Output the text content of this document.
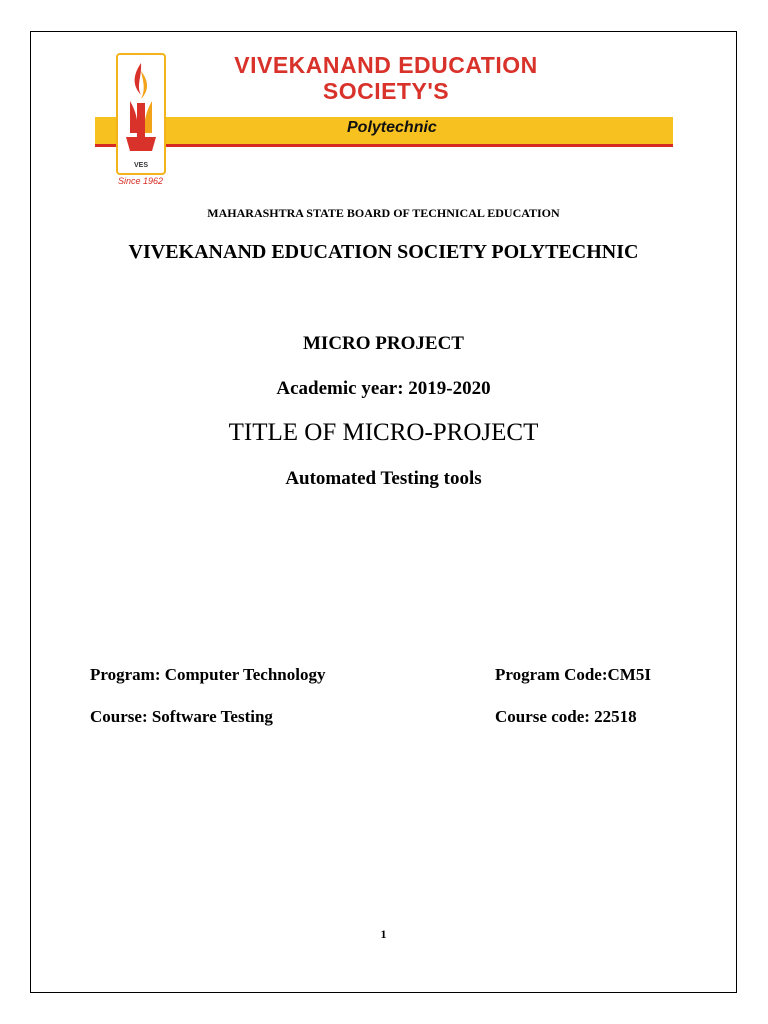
VES
Since 1962
VIVEKANAND EDUCATION
SOCIETY'S
Polytechnic
MAHARASHTRA STATE BOARD OF TECHNICAL EDUCATION
VIVEKANAND EDUCATION SOCIETY POLYTECHNIC
MICRO PROJECT
Academic year: 2019-2020
TITLE OF MICRO-PROJECT
Automated Testing tools
Program: Computer Technology	Program Code:CM5I
Course: Software Testing	Course code: 22518
1
